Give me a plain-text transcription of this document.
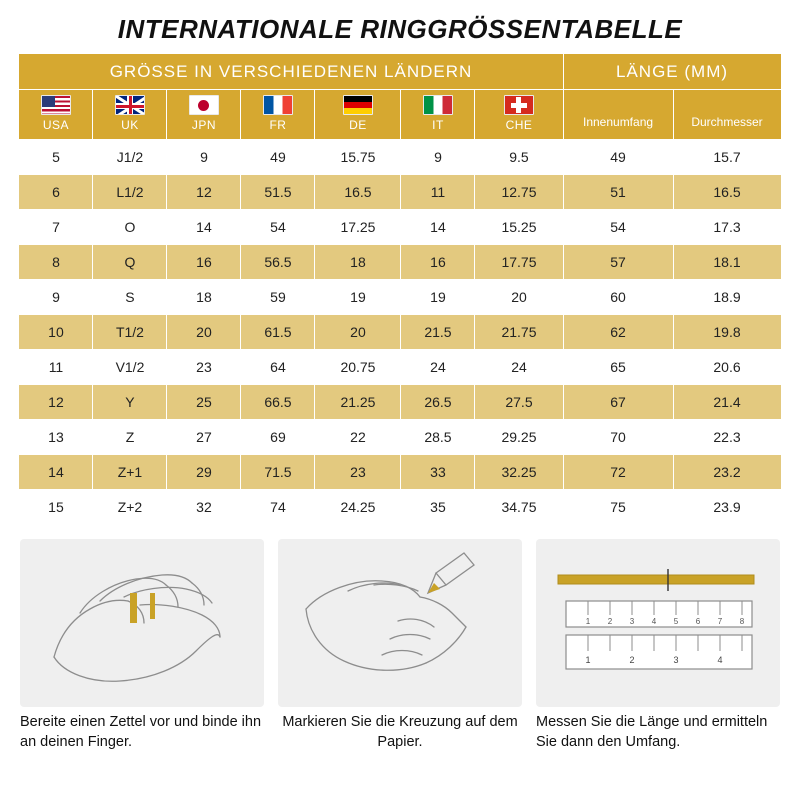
INTERNATIONALE RINGGRÖSSENTABELLE
GRÖSSE IN VERSCHIEDENEN LÄNDERN							LÄNGE (MM)	

USA	UK	JPN	FR	DE	IT	CHE	Innenumfang	Durchmesser
5	J1/2	9	49	15.75	9	9.5	49	15.7
6	L1/2	12	51.5	16.5	11	12.75	51	16.5
7	O	14	54	17.25	14	15.25	54	17.3
8	Q	16	56.5	18	16	17.75	57	18.1
9	S	18	59	19	19	20	60	18.9
10	T1/2	20	61.5	20	21.5	21.75	62	19.8
11	V1/2	23	64	20.75	24	24	65	20.6
12	Y	25	66.5	21.25	26.5	27.5	67	21.4
13	Z	27	69	22	28.5	29.25	70	22.3
14	Z+1	29	71.5	23	33	32.25	72	23.2
15	Z+2	32	74	24.25	35	34.75	75	23.9
Bereite einen Zettel vor und binde ihn an deinen Finger.
Markieren Sie die Kreuzung auf dem Papier.
1 2 3 4 5 6 7 8
1	2	3	4
Messen Sie die Länge und ermitteln Sie dann den Umfang.
